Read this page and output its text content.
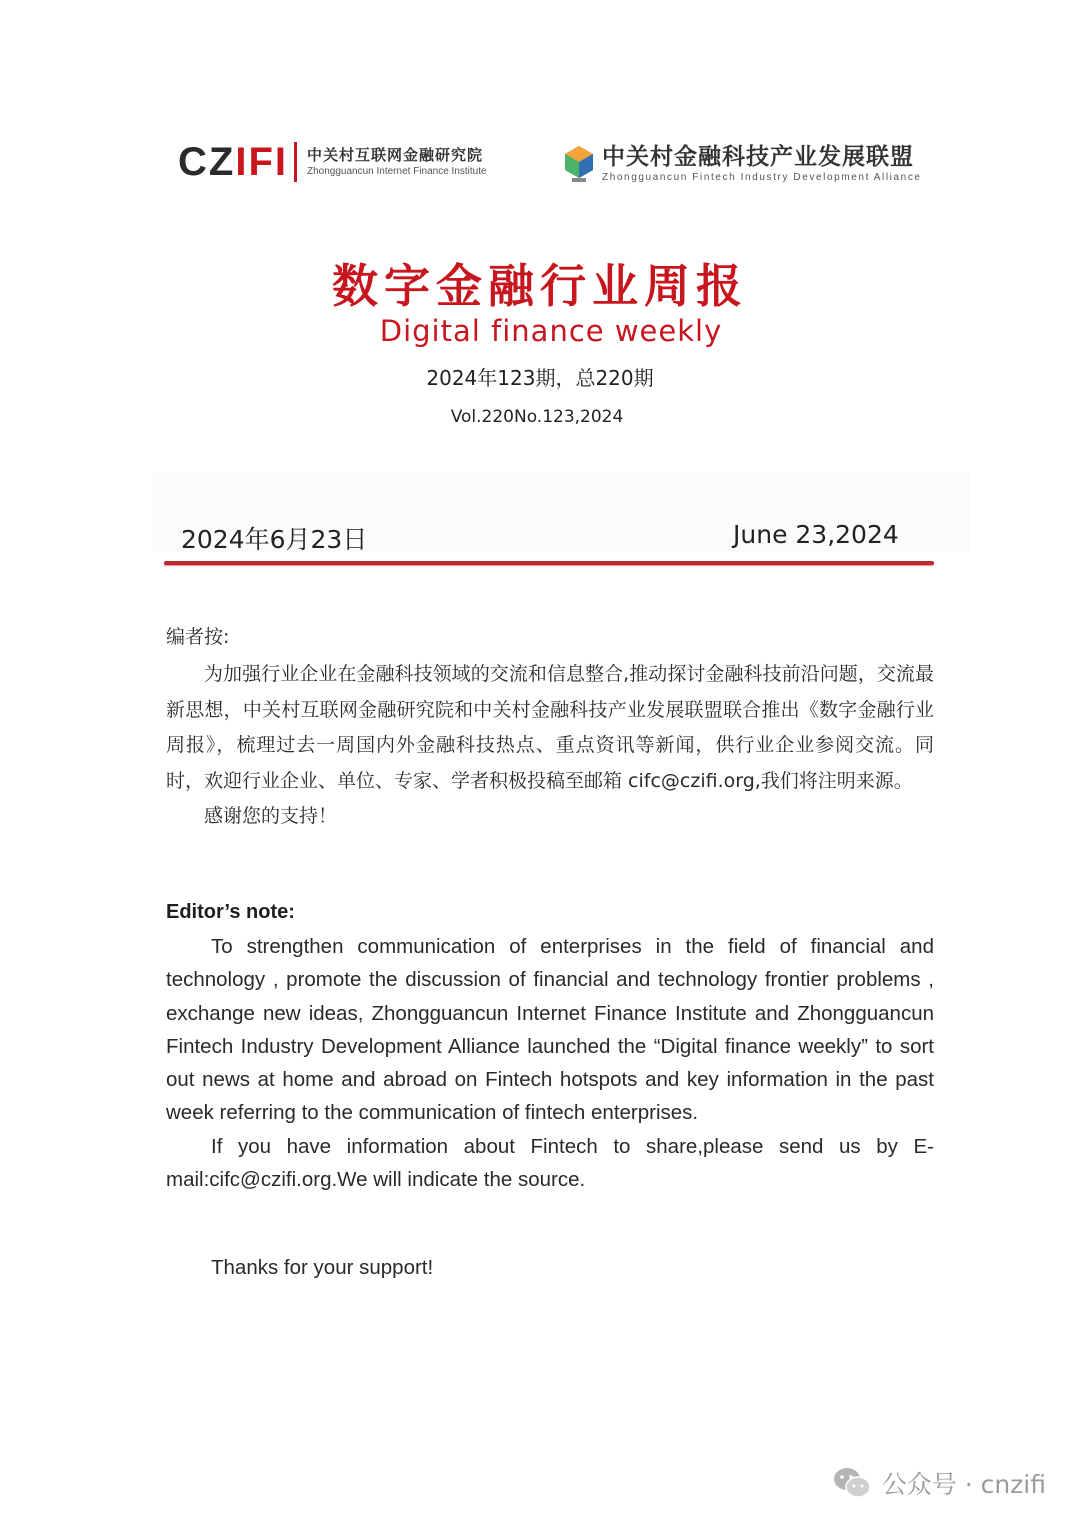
CZIFI 中关村互联网金融研究院
Zhongguancun Internet Finance Institute
中关村金融科技产业发展联盟
Zhongguancun Fintech Industry Development Alliance
数字金融行业周报
Digital finance weekly
2024年123期，总220期
Vol.220No.123,2024
2024年6月23日	June 23,2024
编者按:

为加强行业企业在金融科技领域的交流和信息整合,推动探讨金融科技前沿问题，交流最新思想，中关村互联网金融研究院和中关村金融科技产业发展联盟联合推出《数字金融行业周报》，梳理过去一周国内外金融科技热点、重点资讯等新闻，供行业企业参阅交流。同时，欢迎行业企业、单位、专家、学者积极投稿至邮箱 cifc@czifi.org,我们将注明来源。

感谢您的支持！

Editor’s note:

To strengthen communication of enterprises in the field of financial and technology , promote the discussion of financial and technology frontier problems , exchange new ideas, Zhongguancun Internet Finance Institute and Zhongguancun Fintech Industry Development Alliance launched the “Digital finance weekly” to sort out news at home and abroad on Fintech hotspots and key information in the past week referring to the communication of fintech enterprises.

If you have information about Fintech to share,please send us by E-mail:cifc@czifi.org.We will indicate the source.

Thanks for your support!
公众号 · cnzifi
